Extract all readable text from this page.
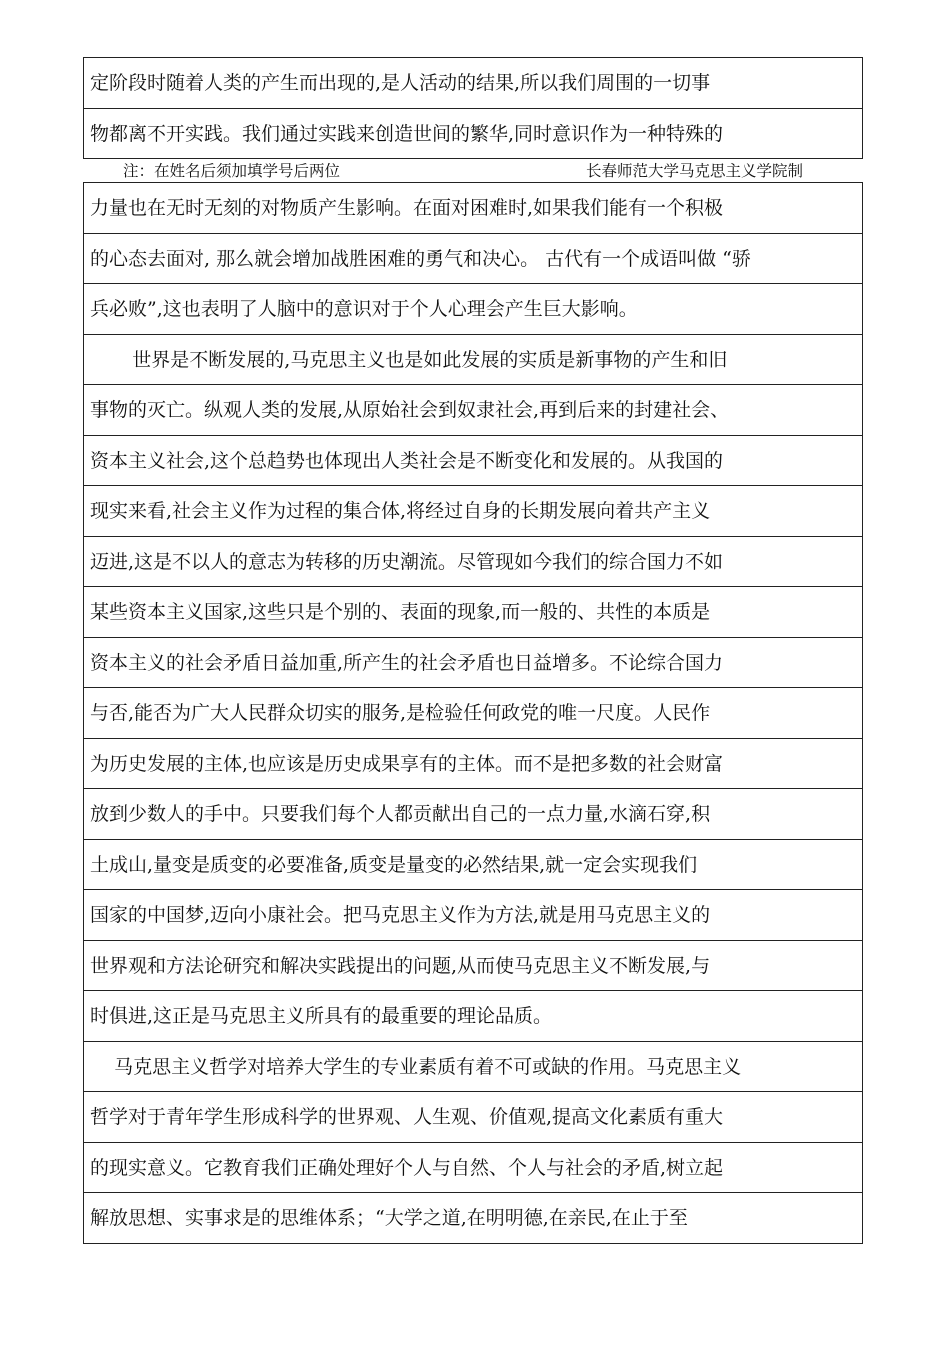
定阶段时随着人类的产生而出现的,是人活动的结果,所以我们周围的一切事
物都离不开实践。我们通过实践来创造世间的繁华,同时意识作为一种特殊的
注：在姓名后须加填学号后两位	长春师范大学马克思主义学院制
力量也在无时无刻的对物质产生影响。在面对困难时,如果我们能有一个积极
的心态去面对, 那么就会增加战胜困难的勇气和决心。 古代有一个成语叫做 “骄
兵必败”,这也表明了人脑中的意识对于个人心理会产生巨大影响。
世界是不断发展的,马克思主义也是如此发展的实质是新事物的产生和旧
事物的灭亡。纵观人类的发展,从原始社会到奴隶社会,再到后来的封建社会、
资本主义社会,这个总趋势也体现出人类社会是不断变化和发展的。从我国的
现实来看,社会主义作为过程的集合体,将经过自身的长期发展向着共产主义
迈进,这是不以人的意志为转移的历史潮流。尽管现如今我们的综合国力不如
某些资本主义国家,这些只是个别的、表面的现象,而一般的、共性的本质是
资本主义的社会矛盾日益加重,所产生的社会矛盾也日益增多。不论综合国力
与否,能否为广大人民群众切实的服务,是检验任何政党的唯一尺度。人民作
为历史发展的主体,也应该是历史成果享有的主体。而不是把多数的社会财富
放到少数人的手中。只要我们每个人都贡献出自己的一点力量,水滴石穿,积
土成山,量变是质变的必要准备,质变是量变的必然结果,就一定会实现我们
国家的中国梦,迈向小康社会。把马克思主义作为方法,就是用马克思主义的
世界观和方法论研究和解决实践提出的问题,从而使马克思主义不断发展,与
时俱进,这正是马克思主义所具有的最重要的理论品质。
马克思主义哲学对培养大学生的专业素质有着不可或缺的作用。马克思主义
哲学对于青年学生形成科学的世界观、人生观、价值观,提高文化素质有重大
的现实意义。它教育我们正确处理好个人与自然、个人与社会的矛盾,树立起
解放思想、实事求是的思维体系；“大学之道,在明明德,在亲民,在止于至
